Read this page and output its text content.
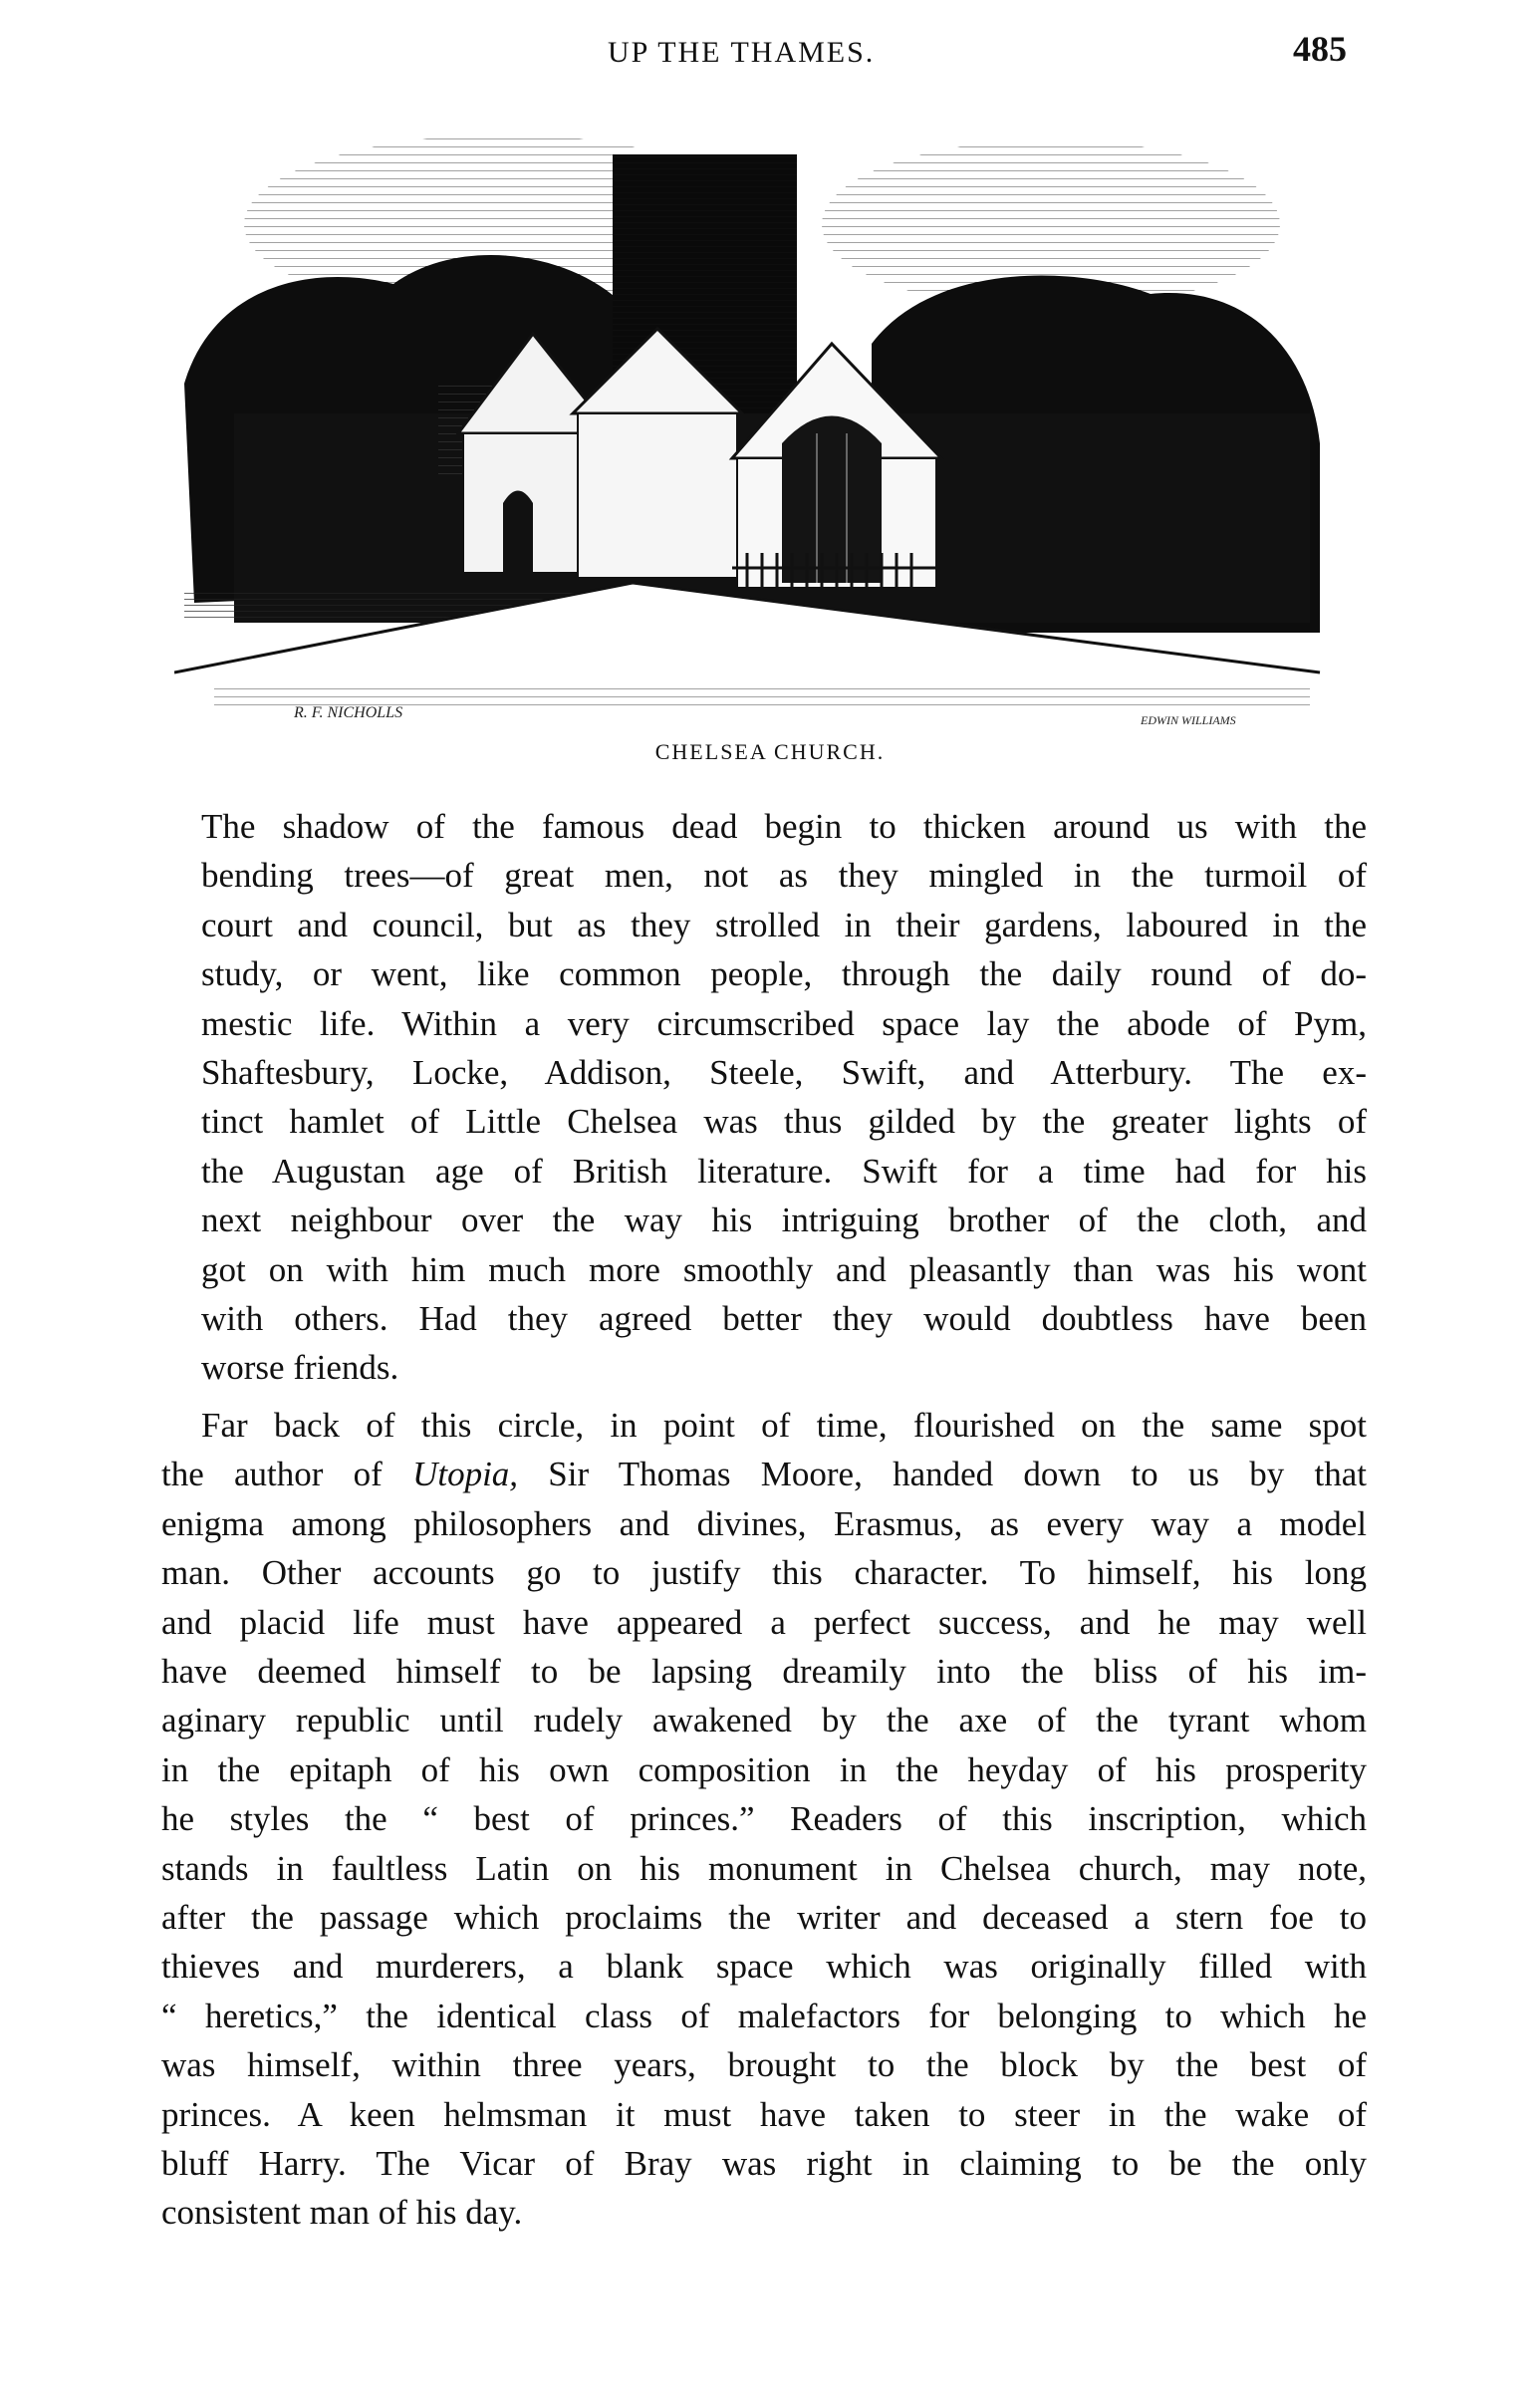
UP THE THAMES.	485
R. F. NICHOLLS	EDWIN WILLIAMS
CHELSEA CHURCH.

The shadow of the famous dead begin to thicken around us with the
bending trees—of great men, not as they mingled in the turmoil of
court and council, but as they strolled in their gardens, laboured in the
study, or went, like common people, through the daily round of do-
mestic life. Within a very circumscribed space lay the abode of Pym,
Shaftesbury, Locke, Addison, Steele, Swift, and Atterbury. The ex-
tinct hamlet of Little Chelsea was thus gilded by the greater lights of
the Augustan age of British literature. Swift for a time had for his
next neighbour over the way his intriguing brother of the cloth, and
got on with him much more smoothly and pleasantly than was his wont
with others. Had they agreed better they would doubtless have been
worse friends.

Far back of this circle, in point of time, flourished on the same spot
the author of Utopia, Sir Thomas Moore, handed down to us by that
enigma among philosophers and divines, Erasmus, as every way a model
man. Other accounts go to justify this character. To himself, his long
and placid life must have appeared a perfect success, and he may well
have deemed himself to be lapsing dreamily into the bliss of his im-
aginary republic until rudely awakened by the axe of the tyrant whom
in the epitaph of his own composition in the heyday of his prosperity
he styles the “ best of princes.” Readers of this inscription, which
stands in faultless Latin on his monument in Chelsea church, may note,
after the passage which proclaims the writer and deceased a stern foe to
thieves and murderers, a blank space which was originally filled with
“ heretics,” the identical class of malefactors for belonging to which he
was himself, within three years, brought to the block by the best of
princes. A keen helmsman it must have taken to steer in the wake of
bluff Harry. The Vicar of Bray was right in claiming to be the only
consistent man of his day.
